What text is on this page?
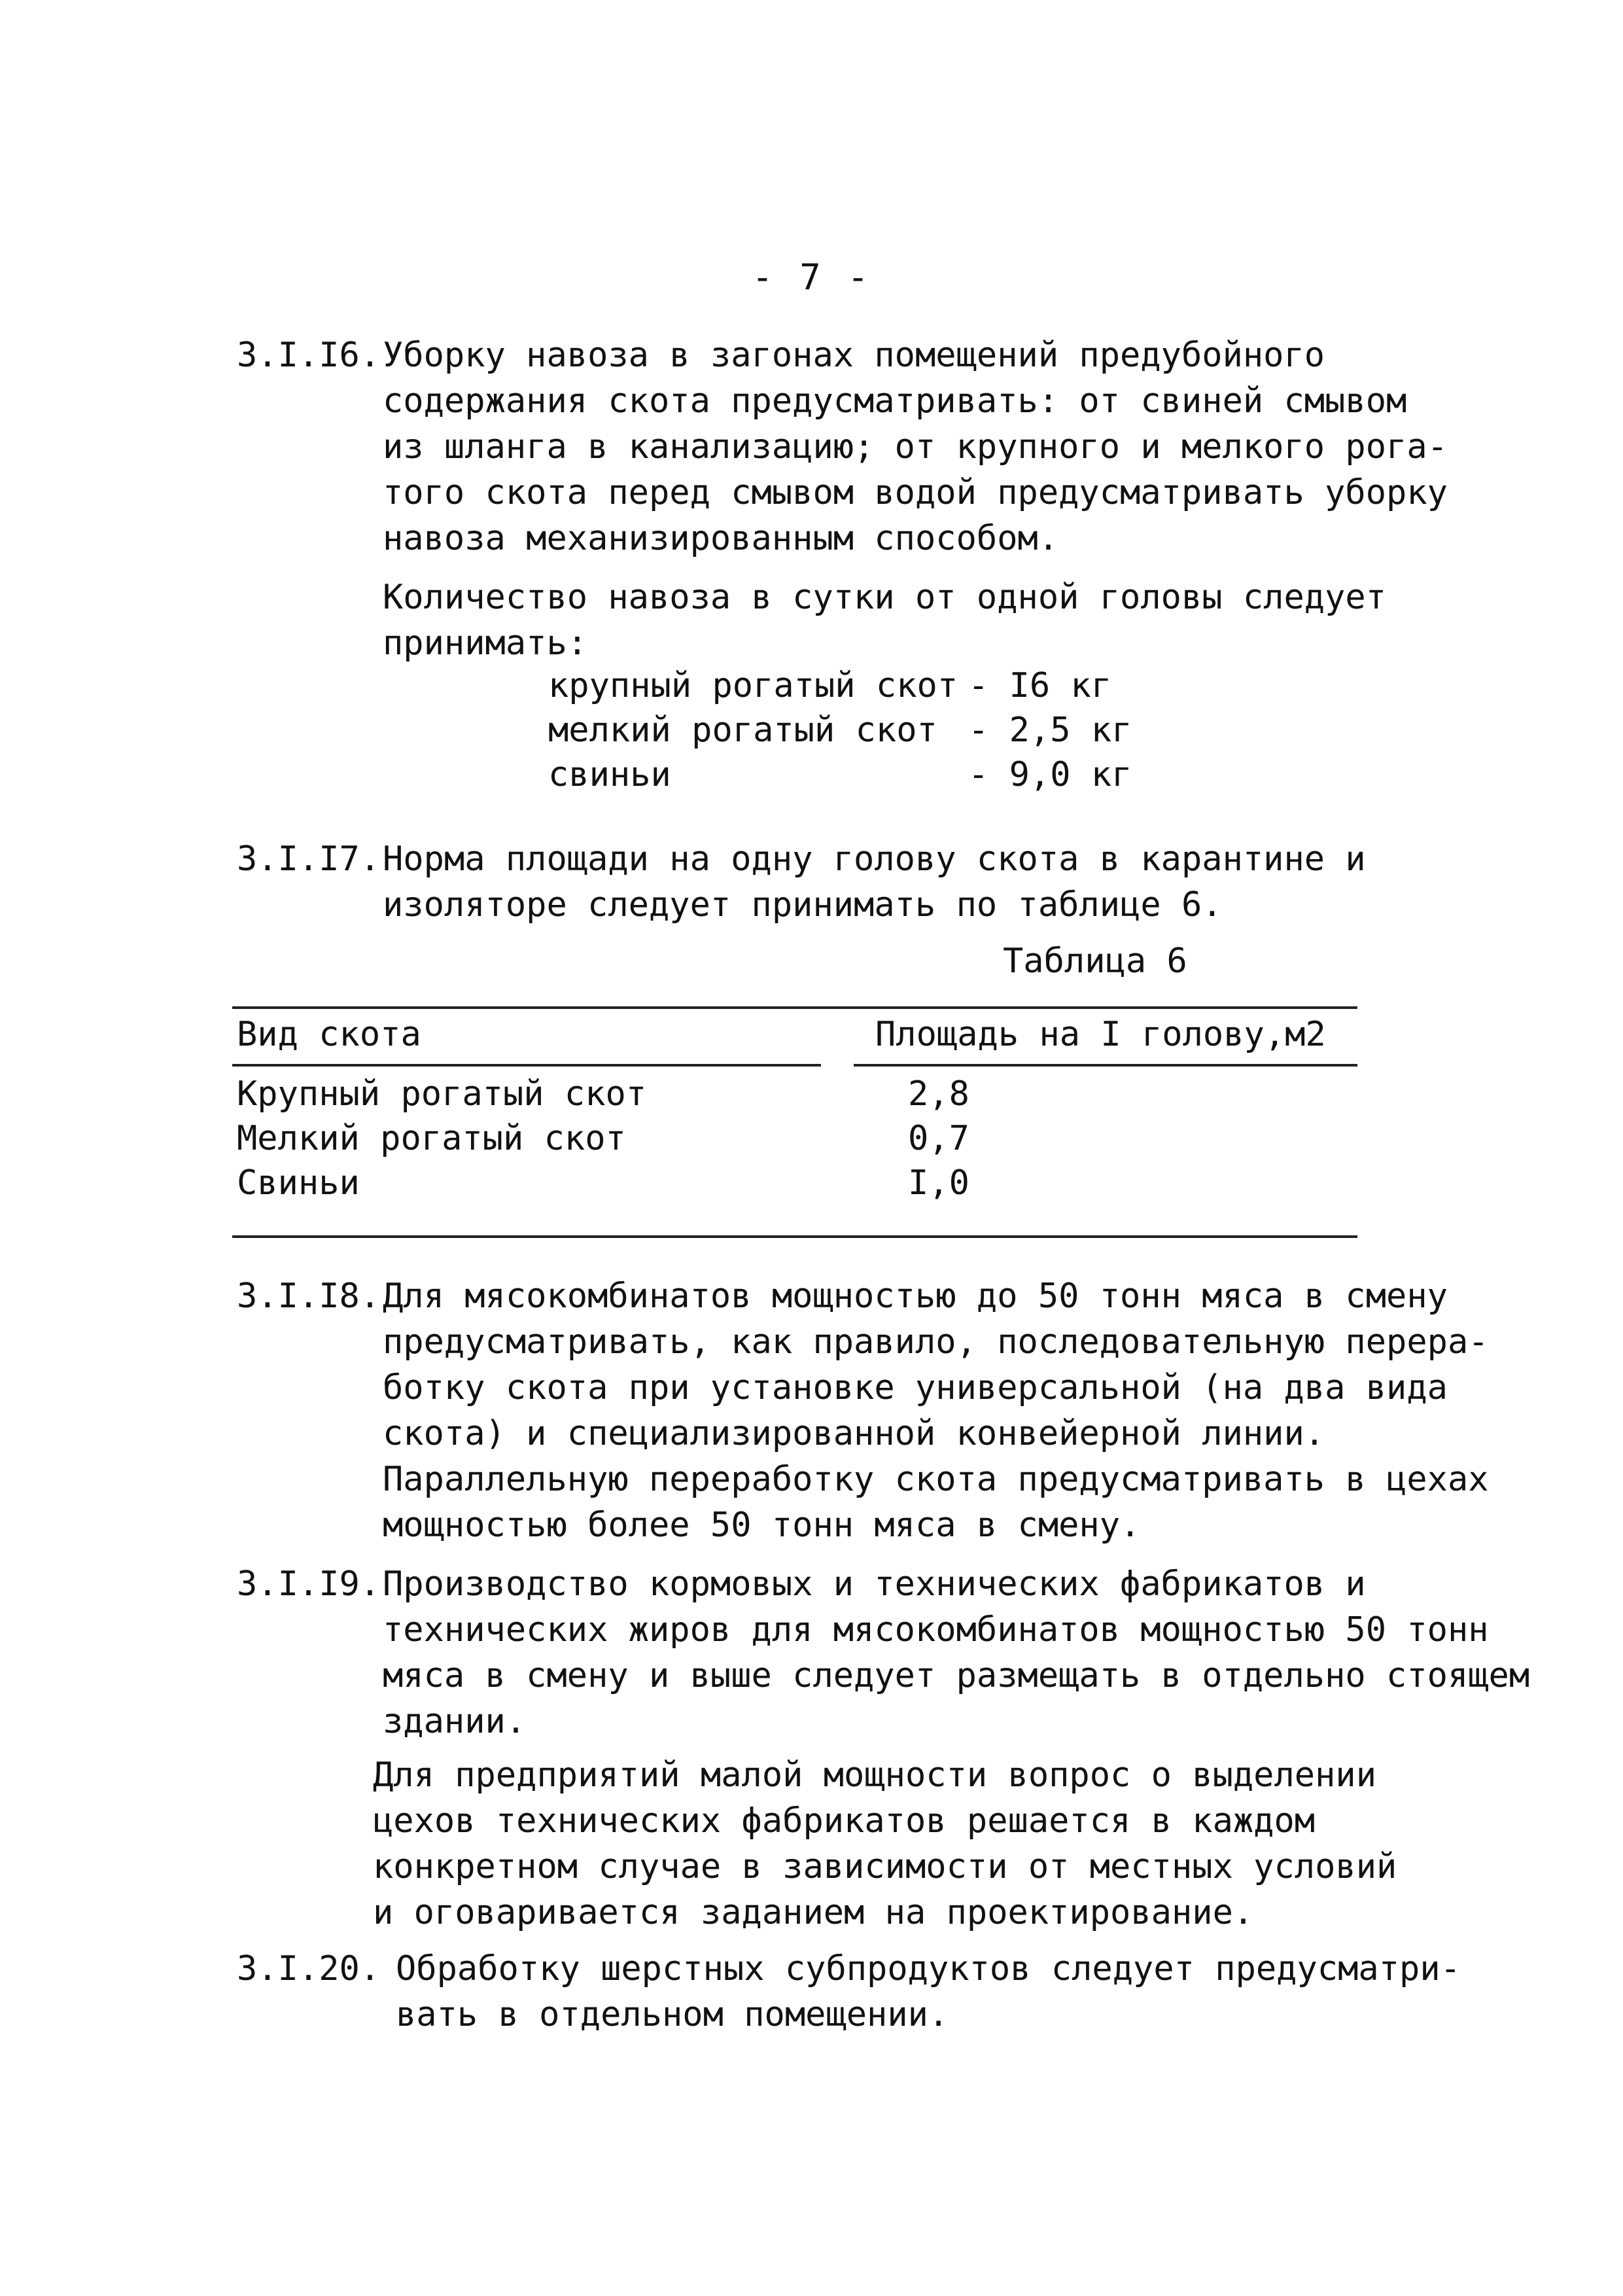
- 7 -
3.I.I6. Уборку навоза в загонах помещений предубойного
содержания скота предусматривать: от свиней смывом
из шланга в канализацию; от крупного и мелкого рога-
того скота перед смывом водой предусматривать уборку
навоза механизированным способом.
Количество навоза в сутки от одной головы следует
принимать:
крупный рогатый скот - I6 кг
мелкий рогатый скот - 2,5 кг
свиньи	- 9,0 кг
3.I.I7. Норма площади на одну голову скота в карантине и
изоляторе следует принимать по таблице 6.
Таблица 6
Вид скота	Площадь на I голову,м2
Крупный рогатый скот	2,8
Мелкий рогатый скот	0,7
Свиньи	I,0
3.I.I8. Для мясокомбинатов мощностью до 50 тонн мяса в смену
предусматривать, как правило, последовательную перера-
ботку скота при установке универсальной (на два вида
скота) и специализированной конвейерной линии.
Параллельную переработку скота предусматривать в цехах
мощностью более 50 тонн мяса в смену.
3.I.I9. Производство кормовых и технических фабрикатов и
технических жиров для мясокомбинатов мощностью 50 тонн
мяса в смену и выше следует размещать в отдельно стоящем
здании.
Для предприятий малой мощности вопрос о выделении
цехов технических фабрикатов решается в каждом
конкретном случае в зависимости от местных условий
и оговаривается заданием на проектирование.
3.I.20. Обработку шерстных субпродуктов следует предусматри-
вать в отдельном помещении.
